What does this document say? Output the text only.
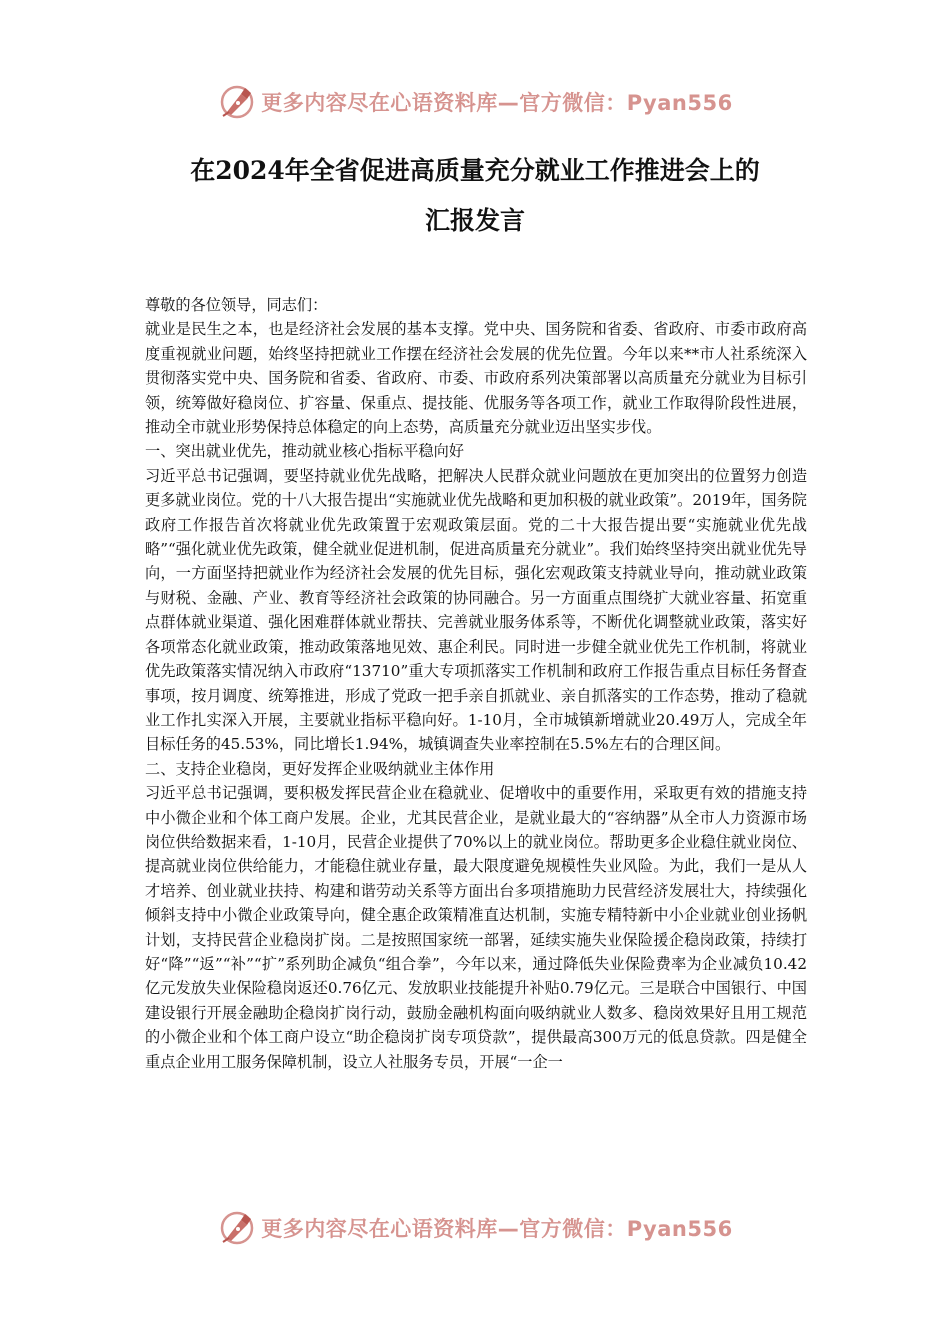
更多内容尽在心语资料库—官方微信：Pyan556
在2024年全省促进高质量充分就业工作推进会上的
汇报发言

尊敬的各位领导，同志们：

就业是民生之本，也是经济社会发展的基本支撑。党中央、国务院和省委、省政府、市委市政府高度重视就业问题，始终坚持把就业工作摆在经济社会发展的优先位置。今年以来**市人社系统深入贯彻落实党中央、国务院和省委、省政府、市委、市政府系列决策部署以高质量充分就业为目标引领，统筹做好稳岗位、扩容量、保重点、提技能、优服务等各项工作，就业工作取得阶段性进展，推动全市就业形势保持总体稳定的向上态势，高质量充分就业迈出坚实步伐。

一、突出就业优先，推动就业核心指标平稳向好

习近平总书记强调，要坚持就业优先战略，把解决人民群众就业问题放在更加突出的位置努力创造更多就业岗位。党的十八大报告提出“实施就业优先战略和更加积极的就业政策”。2019年，国务院政府工作报告首次将就业优先政策置于宏观政策层面。党的二十大报告提出要“实施就业优先战略”“强化就业优先政策，健全就业促进机制，促进高质量充分就业”。我们始终坚持突出就业优先导向，一方面坚持把就业作为经济社会发展的优先目标，强化宏观政策支持就业导向，推动就业政策与财税、金融、产业、教育等经济社会政策的协同融合。另一方面重点围绕扩大就业容量、拓宽重点群体就业渠道、强化困难群体就业帮扶、完善就业服务体系等，不断优化调整就业政策，落实好各项常态化就业政策，推动政策落地见效、惠企利民。同时进一步健全就业优先工作机制，将就业优先政策落实情况纳入市政府“13710”重大专项抓落实工作机制和政府工作报告重点目标任务督查事项，按月调度、统筹推进，形成了党政一把手亲自抓就业、亲自抓落实的工作态势，推动了稳就业工作扎实深入开展，主要就业指标平稳向好。1-10月，全市城镇新增就业20.49万人，完成全年目标任务的45.53%，同比增长1.94%，城镇调查失业率控制在5.5%左右的合理区间。

二、支持企业稳岗，更好发挥企业吸纳就业主体作用

习近平总书记强调，要积极发挥民营企业在稳就业、促增收中的重要作用，采取更有效的措施支持中小微企业和个体工商户发展。企业，尤其民营企业，是就业最大的“容纳器”从全市人力资源市场岗位供给数据来看，1-10月，民营企业提供了70%以上的就业岗位。帮助更多企业稳住就业岗位、提高就业岗位供给能力，才能稳住就业存量，最大限度避免规模性失业风险。为此，我们一是从人才培养、创业就业扶持、构建和谐劳动关系等方面出台多项措施助力民营经济发展壮大，持续强化倾斜支持中小微企业政策导向，健全惠企政策精准直达机制，实施专精特新中小企业就业创业扬帆计划，支持民营企业稳岗扩岗。二是按照国家统一部署，延续实施失业保险援企稳岗政策，持续打好“降”“返”“补”“扩”系列助企减负“组合拳”，今年以来，通过降低失业保险费率为企业减负10.42亿元发放失业保险稳岗返还0.76亿元、发放职业技能提升补贴0.79亿元。三是联合中国银行、中国建设银行开展金融助企稳岗扩岗行动，鼓励金融机构面向吸纳就业人数多、稳岗效果好且用工规范的小微企业和个体工商户设立“助企稳岗扩岗专项贷款”，提供最高300万元的低息贷款。四是健全重点企业用工服务保障机制，设立人社服务专员，开展“一企一

更多内容尽在心语资料库—官方微信：Pyan556
